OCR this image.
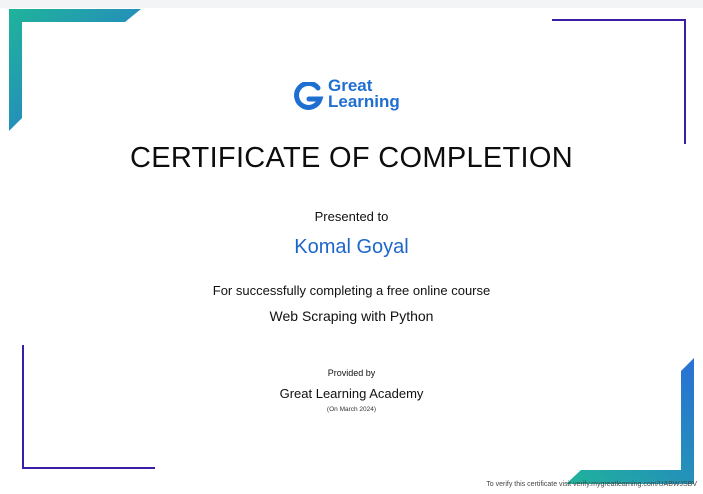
Great
Learning
CERTIFICATE OF COMPLETION
Presented to
Komal Goyal
For successfully completing a free online course
Web Scraping with Python
Provided by
Great Learning Academy
(On March 2024)
To verify this certificate visit verify.mygreatlearning.com/UABWJSBV
